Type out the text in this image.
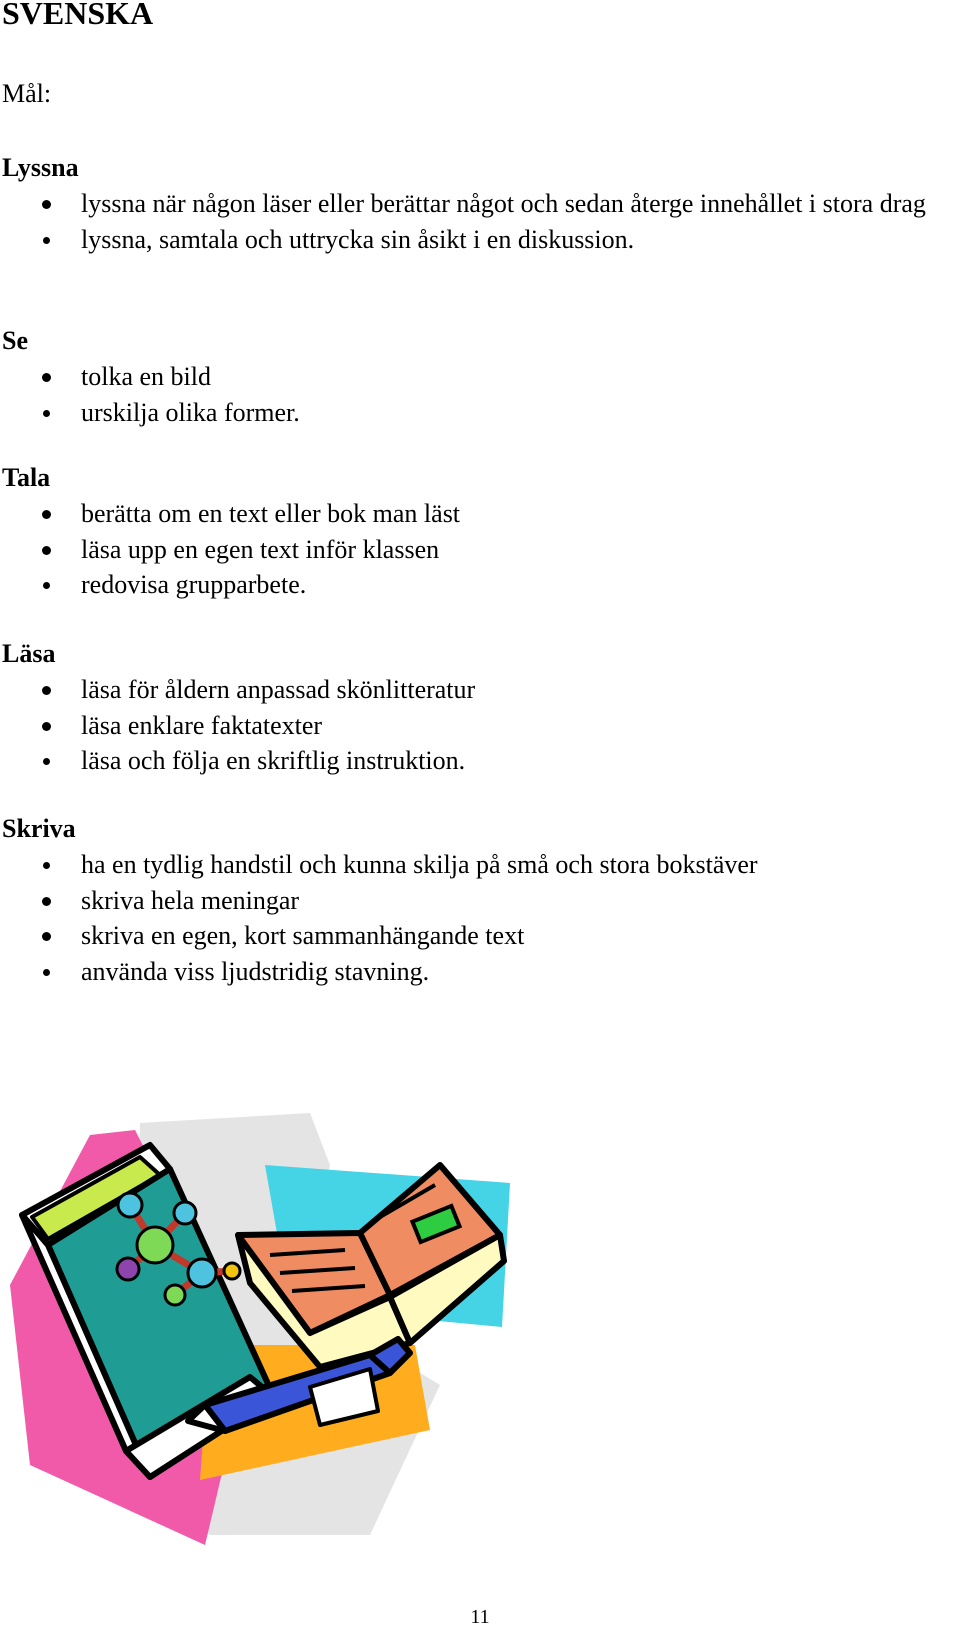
SVENSKA

Mål:

Lyssna
lyssna när någon läser eller berättar något och sedan återge innehållet i stora drag
lyssna, samtala och uttrycka sin åsikt i en diskussion.
Se
tolka en bild
urskilja olika former.
Tala
berätta om en text eller bok man läst
läsa upp en egen text inför klassen
redovisa grupparbete.
Läsa
läsa för åldern anpassad skönlitteratur
läsa enklare faktatexter
läsa och följa en skriftlig instruktion.
Skriva
ha en tydlig handstil och kunna skilja på små och stora bokstäver
skriva hela meningar
skriva en egen, kort sammanhängande text
använda viss ljudstridig stavning.
11
